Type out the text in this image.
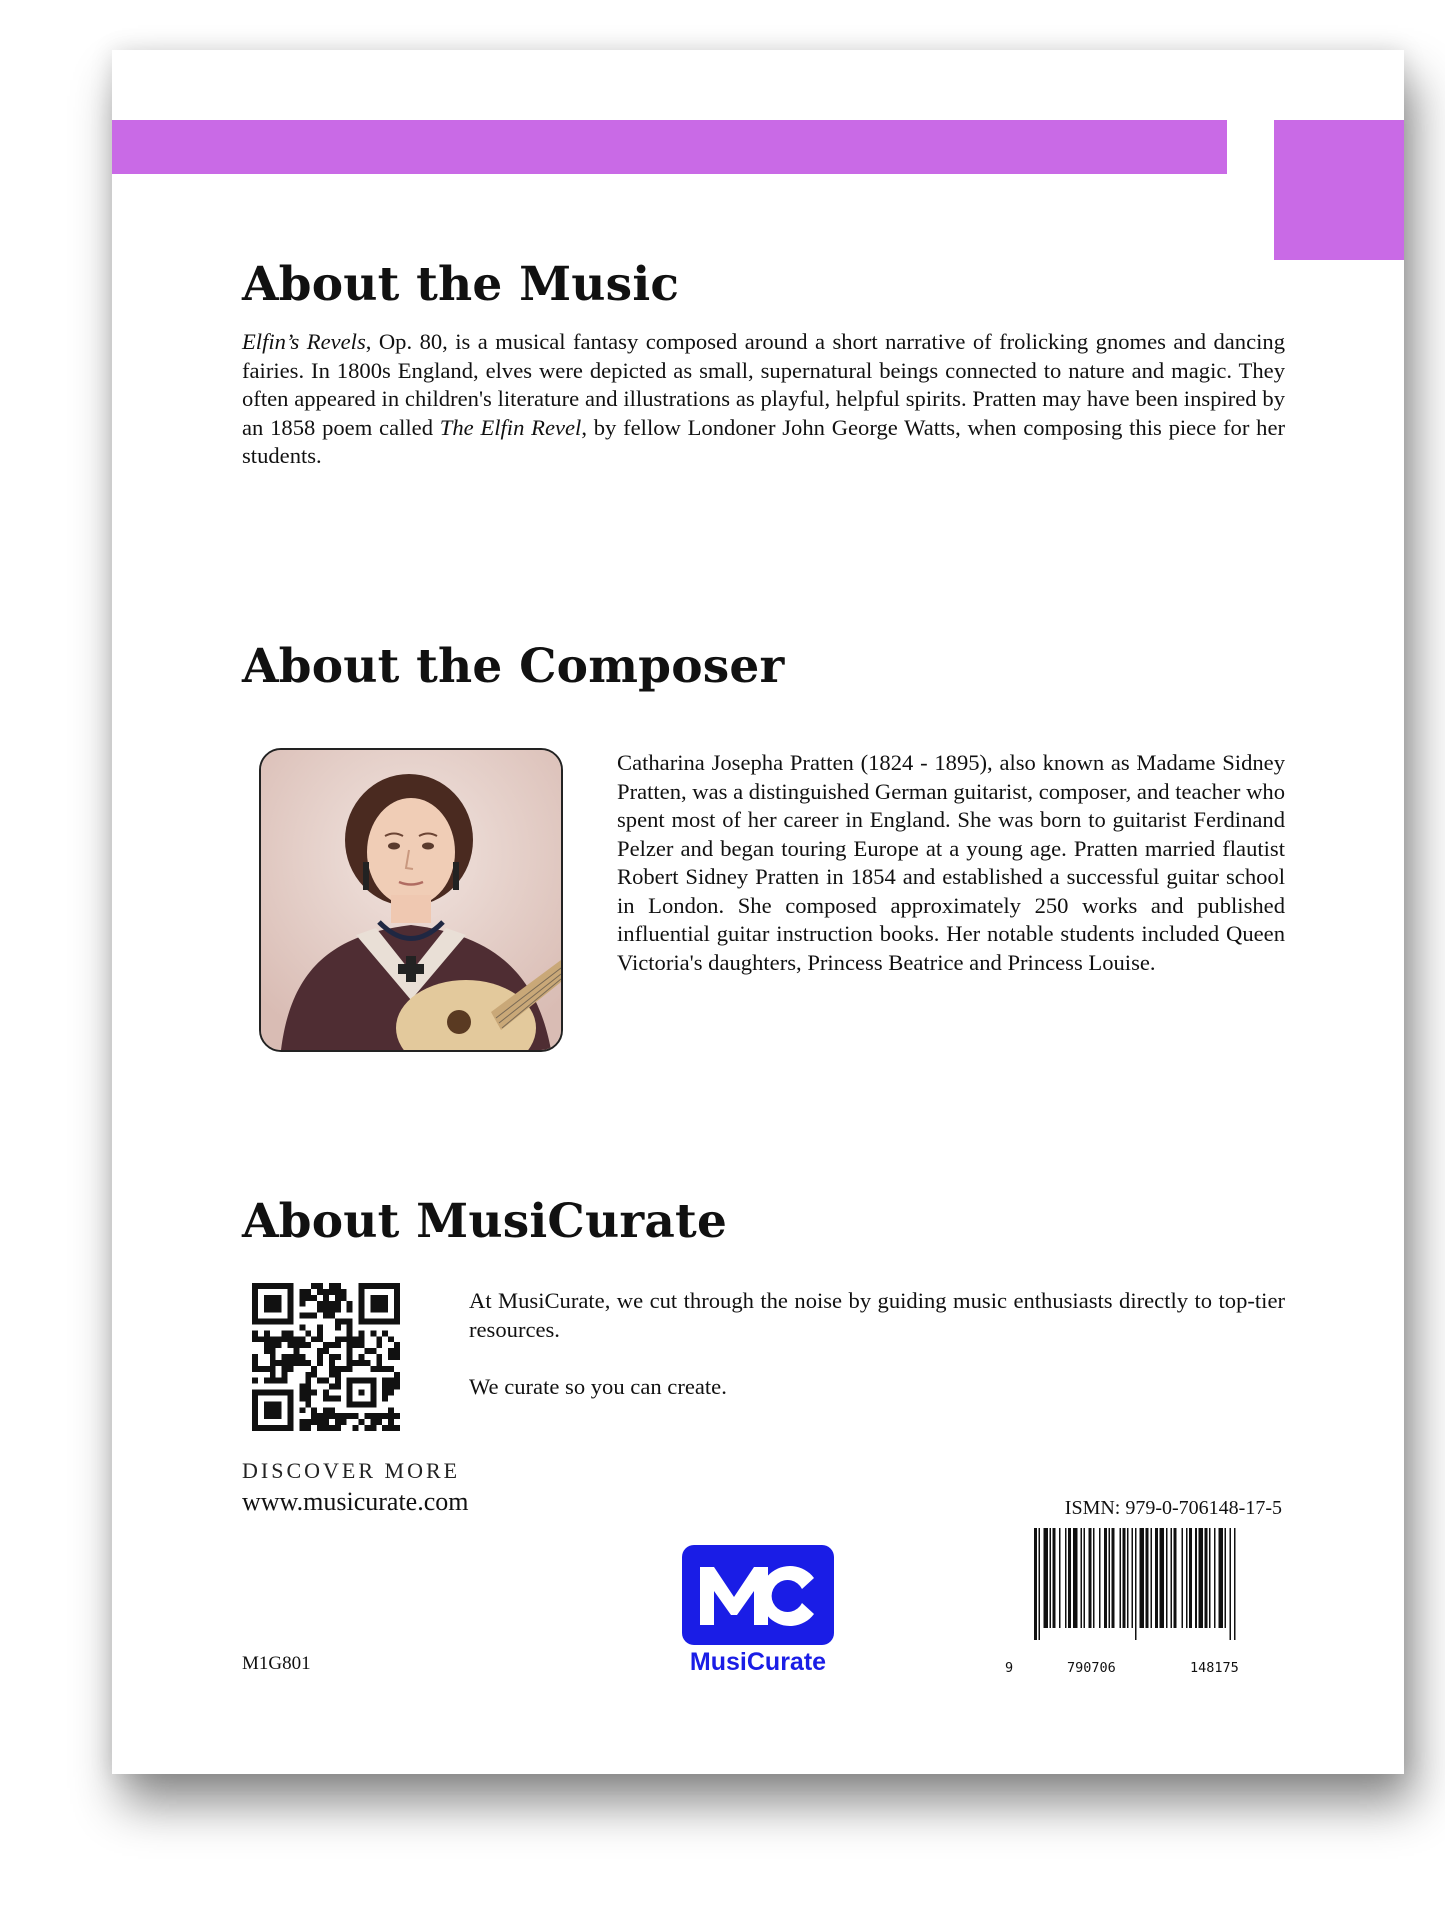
About the Music
Elfin’s Revels, Op. 80, is a musical fantasy composed around a short narrative of frolicking gnomes and dancing fairies. In 1800s England, elves were depicted as small, supernatural beings connected to nature and magic. They often appeared in children's literature and illustrations as playful, helpful spirits. Pratten may have been inspired by an 1858 poem called The Elfin Revel, by fellow Londoner John George Watts, when composing this piece for her students.
About the Composer
Catharina Josepha Pratten (1824 - 1895), also known as Madame Sidney Pratten, was a distinguished German guitarist, composer, and teacher who spent most of her career in England. She was born to guitarist Ferdinand Pelzer and began touring Europe at a young age. Pratten married flautist Robert Sidney Pratten in 1854 and established a successful guitar school in London. She composed approximately 250 works and published influential guitar instruction books. Her notable students included Queen Victoria's daughters, Princess Beatrice and Princess Louise.
About MusiCurate

At MusiCurate, we cut through the noise by guiding music enthusiasts directly to top-tier resources.

We curate so you can create.

DISCOVER MORE

www.musicurate.com

M1G801	MusiCurate

ISMN: 979-0-706148-17-5

9	790706	148175
